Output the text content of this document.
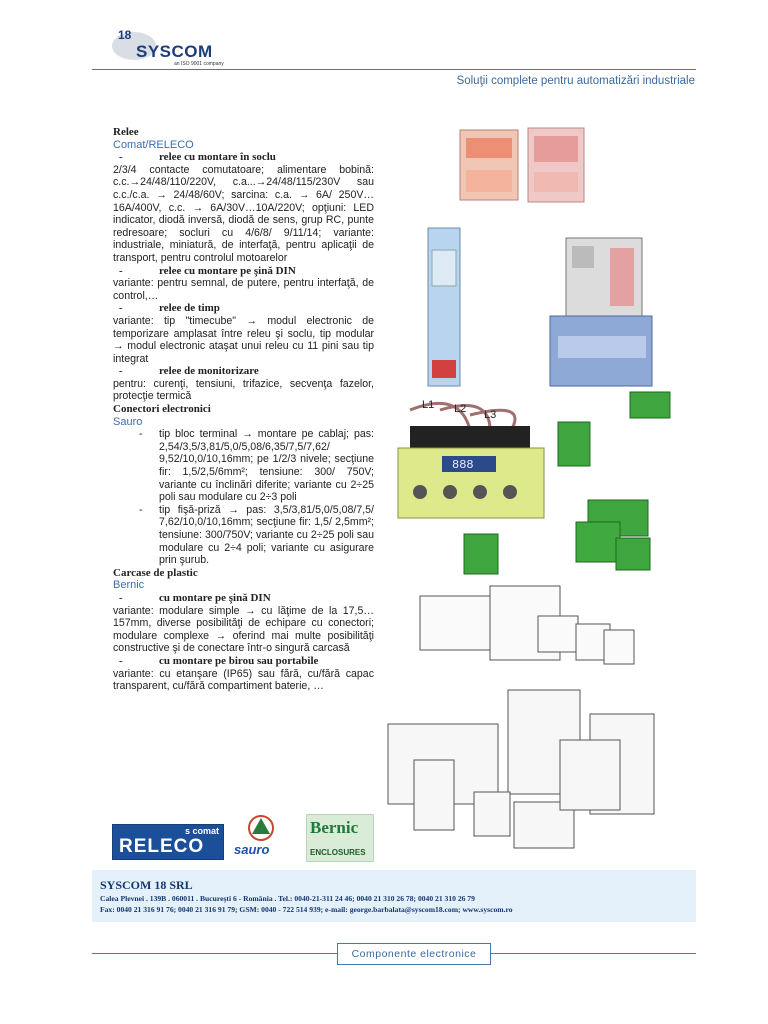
18
SYSCOM
an ISO 9001 company
Soluţii complete pentru automatizări industriale
Relee
Comat/RELECO
-	relee cu montare în soclu
2/3/4 contacte comutatoare; alimentare bobină: c.c.→24/48/110/220V, c.a...→24/48/115/230V sau c.c./c.a. → 24/48/60V; sarcina: c.a. → 6A/ 250V…16A/400V, c.c. → 6A/30V…10A/220V; opţiuni: LED indicator, diodă inversă, diodă de sens, grup RC, punte redresoare; socluri cu 4/6/8/ 9/11/14; variante: industriale, miniatură, de interfaţă, pentru aplicaţii de transport, pentru controlul motoarelor
-	relee cu montare pe şină DIN
variante: pentru semnal, de putere, pentru interfaţă, de control,…
-	relee de timp
variante: tip "timecube" → modul electronic de temporizare amplasat între releu şi soclu, tip modular → modul electronic ataşat unui releu cu 11 pini sau tip integrat
-	relee de monitorizare
pentru: curenţi, tensiuni, trifazice, secvenţa fazelor, protecţie termică
Conectori electronici
Sauro
- tip bloc terminal → montare pe cablaj; pas: 2,54/3,5/3,81/5,0/5,08/6,35/7,5/7,62/ 9,52/10,0/10,16mm; pe 1/2/3 nivele; secţiune fir: 1,5/2,5/6mm²; tensiune: 300/ 750V; variante cu înclinări diferite; variante cu 2÷25 poli sau modulare cu 2÷3 poli
- tip fişă-priză → pas: 3,5/3,81/5,0/5,08/7,5/ 7,62/10,0/10,16mm; secţiune fir: 1,5/ 2,5mm²; tensiune: 300/750V; variante cu 2÷25 poli sau modulare cu 2÷4 poli; variante cu asigurare prin şurub.
Carcase de plastic
Bernic
-	cu montare pe şină DIN
variante: modulare simple → cu lăţime de la 17,5…157mm, diverse posibilităţi de echipare cu conectori; modulare complexe → oferind mai multe posibilităţi constructive şi de conectare într-o singură carcasă
-	cu montare pe birou sau portabile
variante: cu etanşare (IP65) sau fără, cu/fără capac transparent, cu/fără compartiment baterie, …
L1 L2 L3
888
s comat
RELECO sauro
Bernic
ENCLOSURES
SYSCOM 18 SRL
Calea Plevnei . 139B . 060011 . Bucureşti 6 - România . Tel.: 0040-21-311 24 46; 0040 21 310 26 78; 0040 21 310 26 79
Fax: 0040 21 316 91 76; 0040 21 316 91 79; GSM: 0040 - 722 514 939; e-mail: george.barbalata@syscom18.com; www.syscom.ro
Componente electronice
